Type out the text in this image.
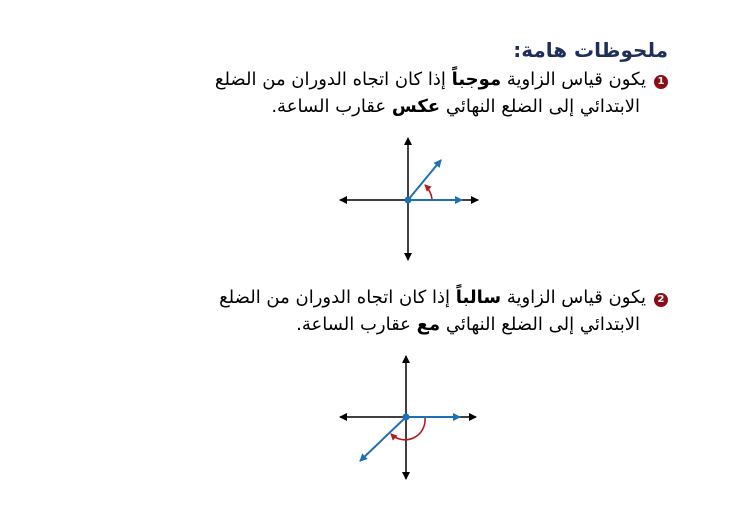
ملحوظات هامة:
1يكون قياس الزاوية موجباً إذا كان اتجاه الدوران من الضلع
الابتدائي إلى الضلع النهائي عكس عقارب الساعة.
2يكون قياس الزاوية سالباً إذا كان اتجاه الدوران من الضلع
الابتدائي إلى الضلع النهائي مع عقارب الساعة.
